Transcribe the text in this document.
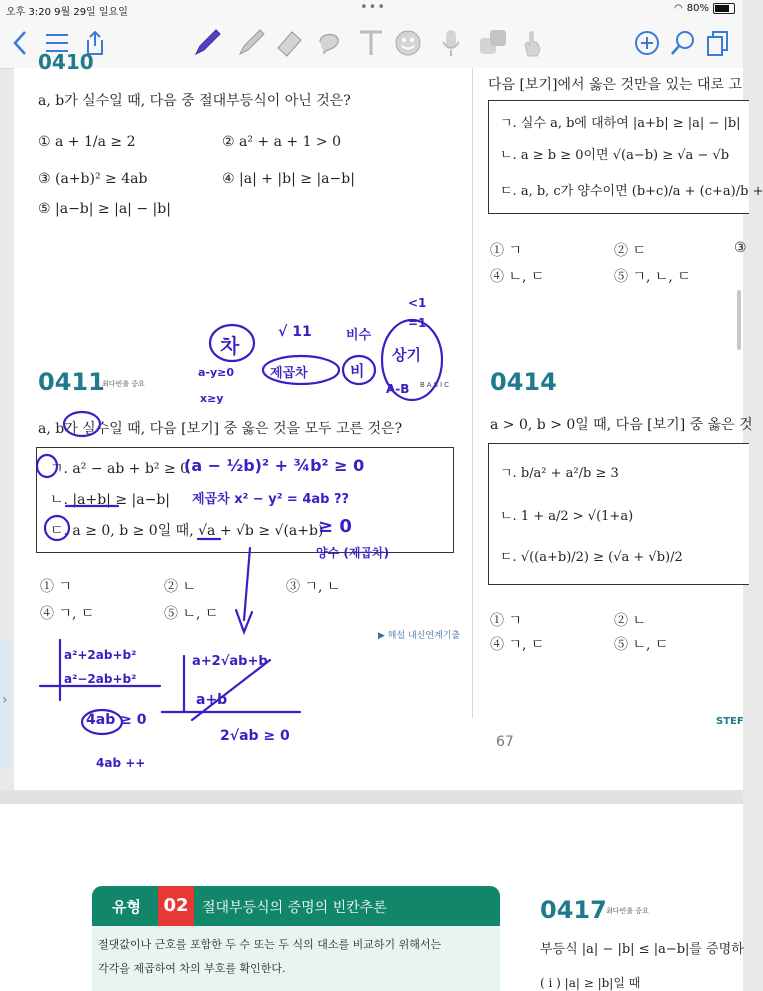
오후 3:20 9월 29일 일요일	•••	◠ 80%
›
0410
a, b가 실수일 때, 다음 중 절대부등식이 아닌 것은?
① a + 1/a ≥ 2	② a² + a + 1 > 0
③ (a+b)² ≥ 4ab	④ |a| + |b| ≥ |a−b|
⑤ |a−b| ≥ |a| − |b|
0411
최다빈출 중요	BASIC
a, b가 실수일 때, 다음 [보기] 중 옳은 것을 모두 고른 것은?
ㄱ. a² − ab + b² ≥ 0
ㄴ. |a+b| ≥ |a−b|
ㄷ. a ≥ 0, b ≥ 0일 때, √a + √b ≥ √(a+b)
① ㄱ	② ㄴ	③ ㄱ, ㄴ
④ ㄱ, ㄷ	⑤ ㄴ, ㄷ
▶ 해설 내신연계기출
다음 [보기]에서 옳은 것만을 있는 대로 고
ㄱ. 실수 a, b에 대하여 |a+b| ≥ |a| − |b|
ㄴ. a ≥ b ≥ 0이면 √(a−b) ≥ √a − √b
ㄷ. a, b, c가 양수이면 (b+c)/a + (c+a)/b +
① ㄱ	② ㄷ	③
④ ㄴ, ㄷ	⑤ ㄱ, ㄴ, ㄷ
0414
a > 0, b > 0일 때, 다음 [보기] 중 옳은 것
ㄱ. b/a² + a²/b ≥ 3
ㄴ. 1 + a/2 > √(1+a)
ㄷ. √((a+b)/2) ≥ (√a + √b)/2
① ㄱ	② ㄴ
④ ㄱ, ㄷ	⑤ ㄴ, ㄷ
STEF
67
차
√ 11
제곱차
비수
비
상기
<1
=1
A-B
a-y≥0
x≥y
(a − ½b)² + ¾b² ≥ 0
제곱차 x² − y² = 4ab ??
≥ 0
양수 (제곱차)
a²+2ab+b²
a²−2ab+b²
4ab ≥ 0
4ab ++
a+2√ab+b
a+b
2√ab ≥ 0
유형	02 절대부등식의 증명의 빈칸추론
절댓값이나 근호를 포함한 두 수 또는 두 식의 대소를 비교하기 위해서는
각각을 제곱하여 차의 부호를 확인한다.
0417 최다빈출 중요
부등식 |a| − |b| ≤ |a−b|를 증명하
( i ) |a| ≥ |b|일 때
